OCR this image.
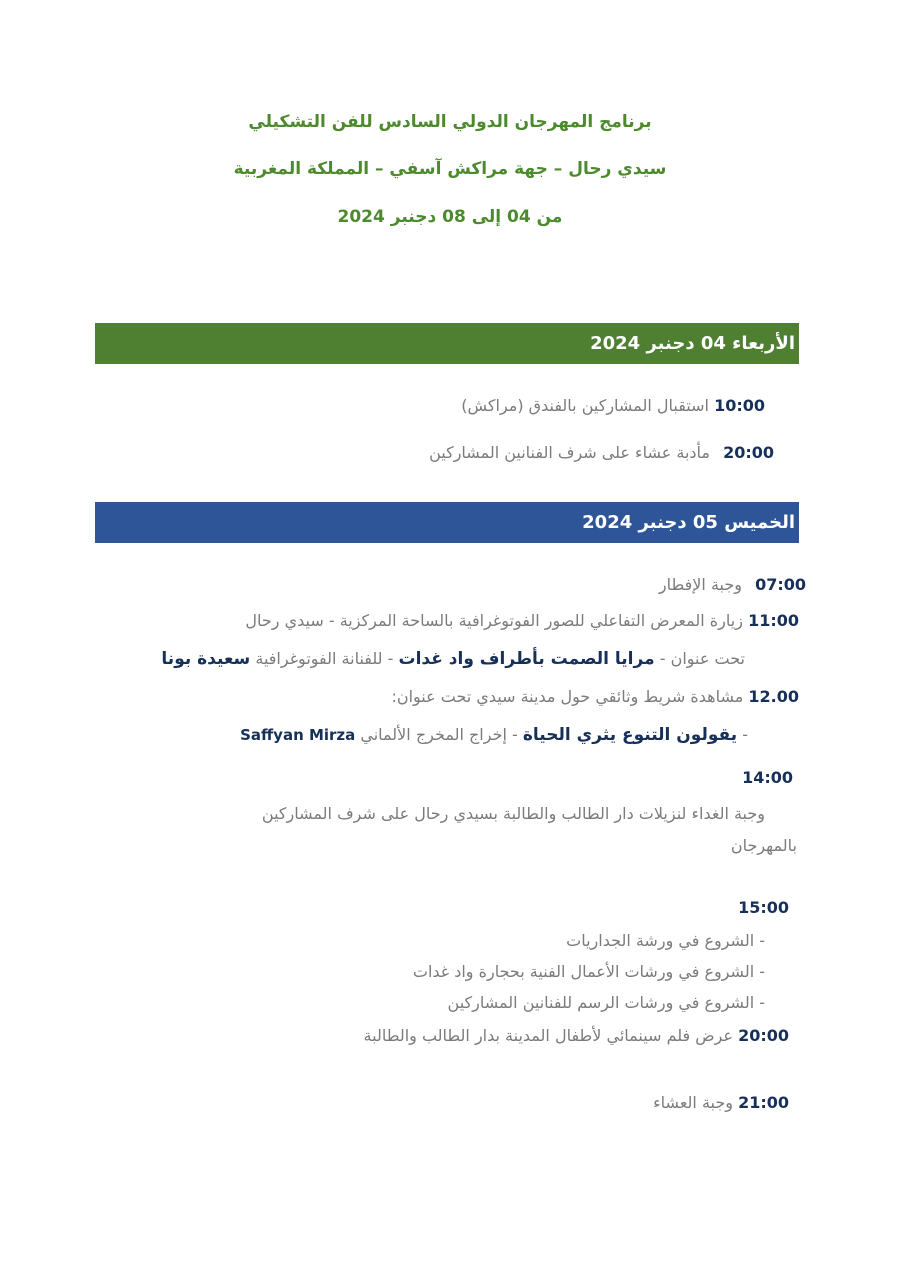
برنامج المهرجان الدولي السادس للفن التشكيلي
سيدي رحال – جهة مراكش آسفي – المملكة المغربية
من 04 إلى 08 دجنبر 2024
الأربعاء 04 دجنبر 2024
10:00 استقبال المشاركين بالفندق (مراكش)
20:00 مأدبة عشاء على شرف الفنانين المشاركين
الخميس 05 دجنبر 2024
07:00 وجبة الإفطار
11:00 زيارة المعرض التفاعلي للصور الفوتوغرافية بالساحة المركزية - سيدي رحال
تحت عنوان - مرايا الصمت بأطراف واد غدات - للفنانة الفوتوغرافية سعيدة بونا
12.00 مشاهدة شريط وثائقي حول مدينة سيدي تحت عنوان:
- يقولون التنوع يثري الحياة - إخراج المخرج الألماني Saffyan Mirza
14:00
وجبة الغداء لنزيلات دار الطالب والطالبة بسيدي رحال على شرف المشاركين
بالمهرجان
15:00
- الشروع في ورشة الجداريات
- الشروع في ورشات الأعمال الفنية بحجارة واد غدات
- الشروع في ورشات الرسم للفنانين المشاركين
20:00 عرض فلم سينمائي لأطفال المدينة بدار الطالب والطالبة
21:00 وجبة العشاء
